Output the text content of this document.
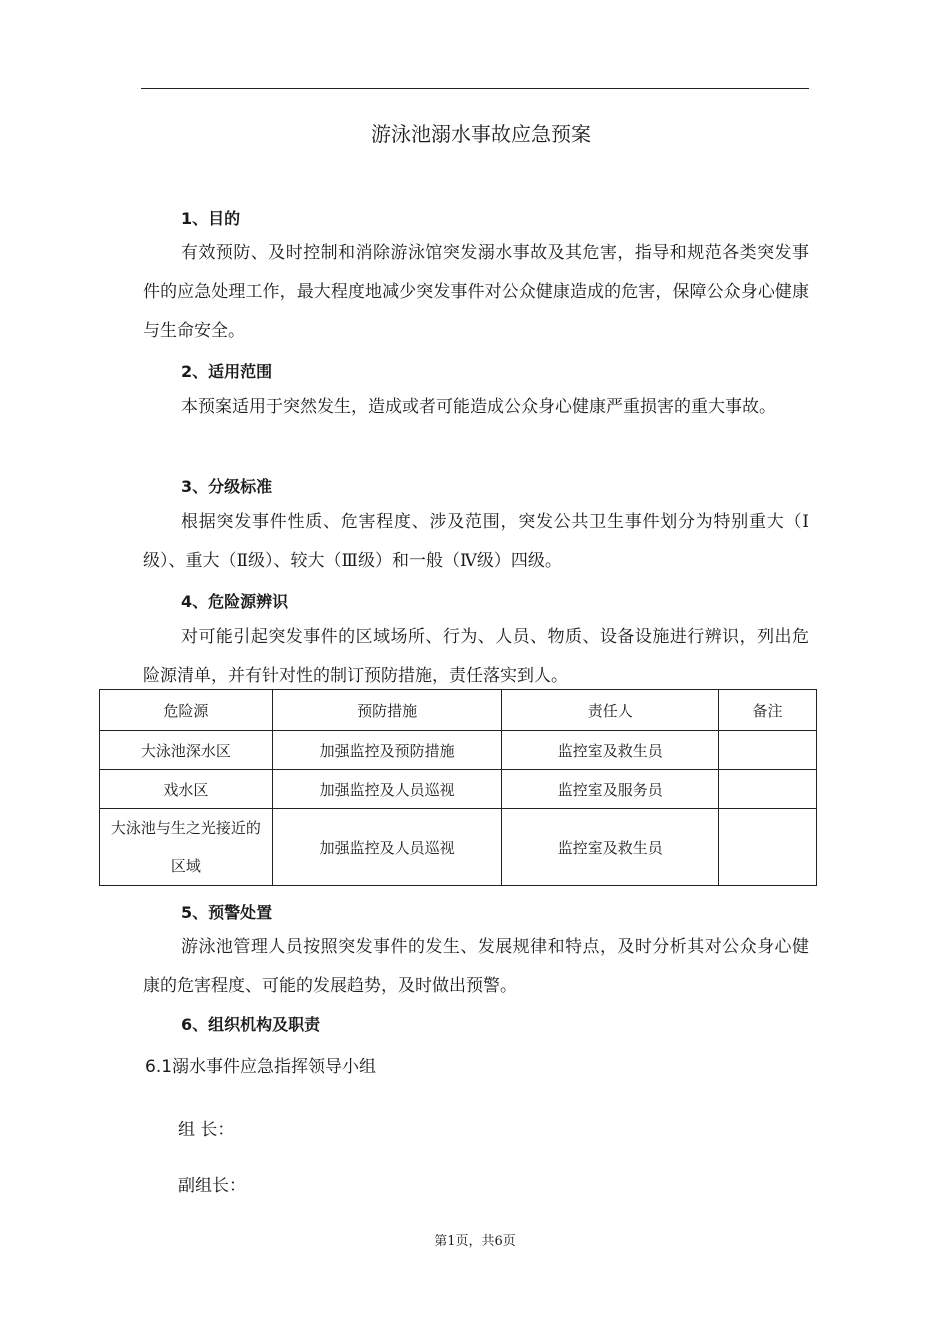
游泳池溺水事故应急预案
1、目的

有效预防、及时控制和消除游泳馆突发溺水事故及其危害，指导和规范各类突发事件的应急处理工作，最大程度地减少突发事件对公众健康造成的危害，保障公众身心健康与生命安全。

2、适用范围

本预案适用于突然发生，造成或者可能造成公众身心健康严重损害的重大事故。

3、分级标准

根据突发事件性质、危害程度、涉及范围，突发公共卫生事件划分为特别重大（Ⅰ级）、重大（Ⅱ级）、较大（Ⅲ级）和一般（Ⅳ级）四级。

4、危险源辨识

对可能引起突发事件的区域场所、行为、人员、物质、设备设施进行辨识，列出危险源清单，并有针对性的制订预防措施，责任落实到人。

危险源	预防措施	责任人	备注
大泳池深水区	加强监控及预防措施	监控室及救生员	
戏水区	加强监控及人员巡视	监控室及服务员	
大泳池与生之光接近的区域	加强监控及人员巡视	监控室及救生员	
5、预警处置

游泳池管理人员按照突发事件的发生、发展规律和特点，及时分析其对公众身心健康的危害程度、可能的发展趋势，及时做出预警。

6、组织机构及职责
6.1溺水事件应急指挥领导小组
组 长：
副组长：
第1页，共6页
